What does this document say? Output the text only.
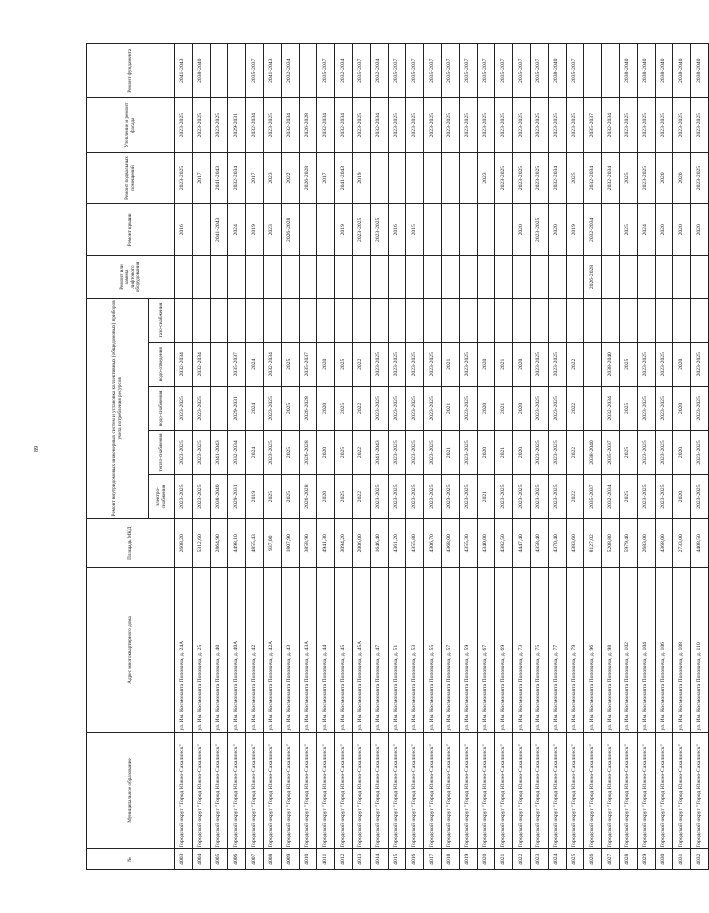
89
№	Муниципальное образование	Адрес многоквартирного дома	Площадь МКД	Ремонт внутридомовых инженерных систем и установка коллективных (общедомовых) приборов учета потребления ресурсов					Ремонт или замена лифтового оборудования	Ремонт крыши	Ремонт подвальных помещений	Утепление и ремонт фасада	Ремонт фундамента
				электро-снабжения	тепло-снабжения	водо-снабжения	водо-отведения	газо-снабжения					
4003	Городской округ "Город Южно-Сахалинск"	ул. Им. Космонавта Поповича, д. 24А	2608,20	2023-2025	2023-2025	2023-2025	2032-2034			2016	2023-2025	2023-2025	2041-2043
4004	Городской округ "Город Южно-Сахалинск"	ул. Им. Космонавта Поповича, д. 25	5312,60	2023-2025	2023-2025	2023-2025	2032-2034				2017	2023-2025	2038-2040
4005	Городской округ "Город Южно-Сахалинск"	ул. Им. Космонавта Поповича, д. 40	2864,90	2038-2040	2041-2043					2041-2043	2041-2043	2023-2025	
4006	Городской округ "Город Южно-Сахалинск"	ул. Им. Космонавта Поповича, д. 40А	4498,10	2029-2031	2032-2034	2029-2031	2035-2037			2024	2032-2034	2029-2031	
4007	Городской округ "Город Южно-Сахалинск"	ул. Им. Космонавта Поповича, д. 42	4855,43	2019	2024	2024	2024			2019	2017	2032-2034	2035-2037
4008	Городской округ "Город Южно-Сахалинск"	ул. Им. Космонавта Поповича, д. 42А	937,00	2025	2023-2025	2023-2025	2032-2034			2023	2023	2023-2025	2041-2043
4009	Городской округ "Город Южно-Сахалинск"	ул. Им. Космонавта Поповича, д. 43	1807,90	2025	2025	2025	2025			2026-2028	2022	2032-2034	2032-2034
4010	Городской округ "Город Южно-Сахалинск"	ул. Им. Космонавта Поповича, д. 43А	3858,90	2026-2028	2026-2028	2026-2028	2035-2037				2026-2028	2026-2028	
4011	Городской округ "Город Южно-Сахалинск"	ул. Им. Космонавта Поповича, д. 44	4941,30	2020	2020	2020	2020				2017	2032-2034	2035-2037
4012	Городской округ "Город Южно-Сахалинск"	ул. Им. Космонавта Поповича, д. 45	3094,20	2025	2025	2025	2025			2019	2041-2043	2032-2034	2032-2034
4013	Городской округ "Город Южно-Сахалинск"	ул. Им. Космонавта Поповича, д. 45А	2006,00	2022	2022	2022	2022			2023-2025	2019	2023-2025	2035-2037
4014	Городской округ "Город Южно-Сахалинск"	ул. Им. Космонавта Поповича, д. 47	1646,40	2023-2025	2041-2043	2023-2025	2023-2025			2023-2025		2032-2034	2032-2034
4015	Городской округ "Город Южно-Сахалинск"	ул. Им. Космонавта Поповича, д. 51	4361,20	2023-2025	2023-2025	2023-2025	2023-2025			2016		2023-2025	2035-2037
4016	Городской округ "Город Южно-Сахалинск"	ул. Им. Космонавта Поповича, д. 53	4355,80	2023-2025	2023-2025	2023-2025	2023-2025			2015		2023-2025	2035-2037
4017	Городской округ "Город Южно-Сахалинск"	ул. Им. Космонавта Поповича, д. 55	4306,70	2023-2025	2023-2025	2023-2025	2023-2025					2023-2025	2035-2037
4018	Городской округ "Город Южно-Сахалинск"	ул. Им. Космонавта Поповича, д. 57	4368,00	2023-2025	2021	2021	2021					2023-2025	2035-2037
4019	Городской округ "Город Южно-Сахалинск"	ул. Им. Космонавта Поповича, д. 59	4355,30	2023-2025	2023-2025	2023-2025	2023-2025					2023-2025	2035-2037
4020	Городской округ "Город Южно-Сахалинск"	ул. Им. Космонавта Поповича, д. 67	4340,00	2021	2020	2020	2020				2023	2023-2025	2035-2037
4021	Городской округ "Город Южно-Сахалинск"	ул. Им. Космонавта Поповича, д. 69	4382,50	2023-2025	2021	2021	2021				2023-2025	2023-2025	2035-2037
4022	Городской округ "Город Южно-Сахалинск"	ул. Им. Космонавта Поповича, д. 73	4447,40	2023-2025	2020	2020	2020			2020	2023-2025	2023-2025	2035-2037
4023	Городской округ "Город Южно-Сахалинск"	ул. Им. Космонавта Поповича, д. 75	4358,40	2023-2025	2023-2025	2023-2025	2023-2025			2023-2025	2023-2025	2023-2025	2035-2037
4024	Городской округ "Город Южно-Сахалинск"	ул. Им. Космонавта Поповича, д. 77	4370,40	2023-2025	2023-2025	2023-2025	2023-2025			2020	2032-2034	2023-2025	2038-2040
4025	Городской округ "Город Южно-Сахалинск"	ул. Им. Космонавта Поповича, д. 79	4383,60	2022	2022	2022	2022			2019	2025	2023-2025	2035-2037
4026	Городской округ "Город Южно-Сахалинск"	ул. Им. Космонавта Поповича, д. 96	8127,02	2035-2037	2038-2040				2026-2028	2032-2034	2032-2034	2035-2037	
4027	Городской округ "Город Южно-Сахалинск"	ул. Им. Космонавта Поповича, д. 98	5208,80	2032-2034	2035-2037	2032-2034	2038-2040				2032-2034	2032-2034	
4028	Городской округ "Город Южно-Сахалинск"	ул. Им. Космонавта Поповича, д. 102	5979,40	2025	2025	2025	2025			2025	2025	2023-2025	2038-2040
4029	Городской округ "Город Южно-Сахалинск"	ул. Им. Космонавта Поповича, д. 104	2683,00	2023-2025	2023-2025	2023-2025	2023-2025			2024	2023-2025	2023-2025	2038-2040
4030	Городской округ "Город Южно-Сахалинск"	ул. Им. Космонавта Поповича, д. 106	4368,00	2023-2025	2023-2025	2023-2025	2023-2025			2020	2020	2023-2025	2038-2040
4031	Городской округ "Город Южно-Сахалинск"	ул. Им. Космонавта Поповича, д. 108	2733,00	2020	2020	2020	2020			2020	2020	2023-2025	2038-2040
4032	Городской округ "Город Южно-Сахалинск"	ул. Им. Космонавта Поповича, д. 110	4408,50	2023-2025	2023-2025	2023-2025	2023-2025			2020	2023-2025	2023-2025	2038-2040
